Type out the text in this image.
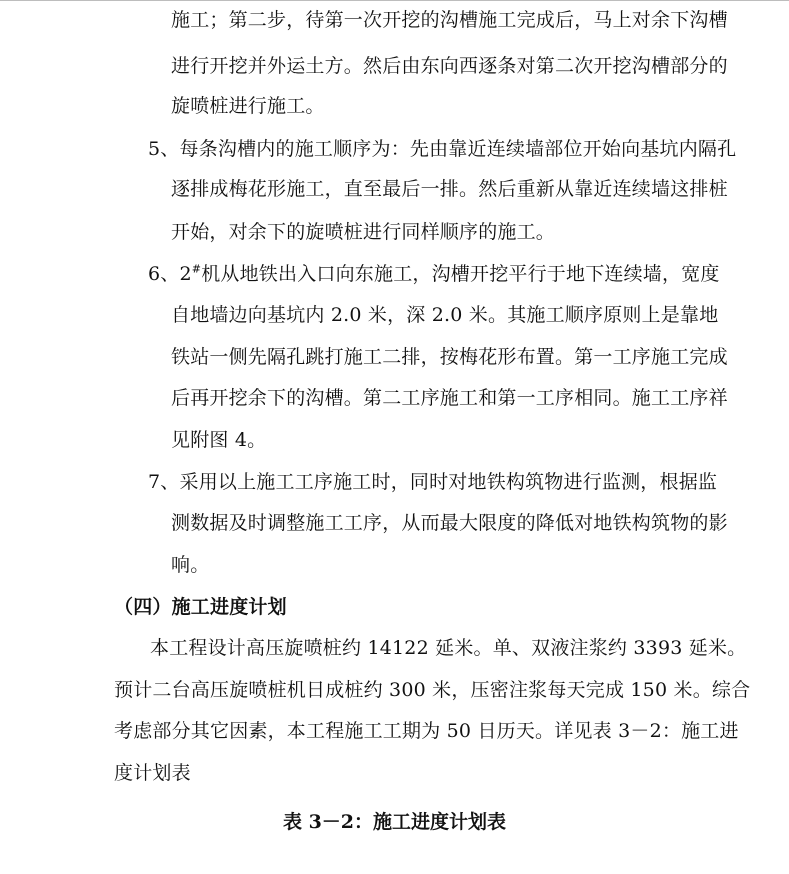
施工；第二步，待第一次开挖的沟槽施工完成后，马上对余下沟槽
进行开挖并外运土方。然后由东向西逐条对第二次开挖沟槽部分的
旋喷桩进行施工。
5、每条沟槽内的施工顺序为：先由靠近连续墙部位开始向基坑内隔孔
逐排成梅花形施工，直至最后一排。然后重新从靠近连续墙这排桩
开始，对余下的旋喷桩进行同样顺序的施工。
6、2#机从地铁出入口向东施工，沟槽开挖平行于地下连续墙，宽度
自地墙边向基坑内 2.0 米，深 2.0 米。其施工顺序原则上是靠地
铁站一侧先隔孔跳打施工二排，按梅花形布置。第一工序施工完成
后再开挖余下的沟槽。第二工序施工和第一工序相同。施工工序祥
见附图 4。
7、采用以上施工工序施工时，同时对地铁构筑物进行监测，根据监
测数据及时调整施工工序，从而最大限度的降低对地铁构筑物的影
响。
（四）施工进度计划
本工程设计高压旋喷桩约 14122 延米。单、双液注浆约 3393 延米。
预计二台高压旋喷桩机日成桩约 300 米，压密注浆每天完成 150 米。综合
考虑部分其它因素，本工程施工工期为 50 日历天。详见表 3－2：施工进
度计划表
表 3－2：施工进度计划表
